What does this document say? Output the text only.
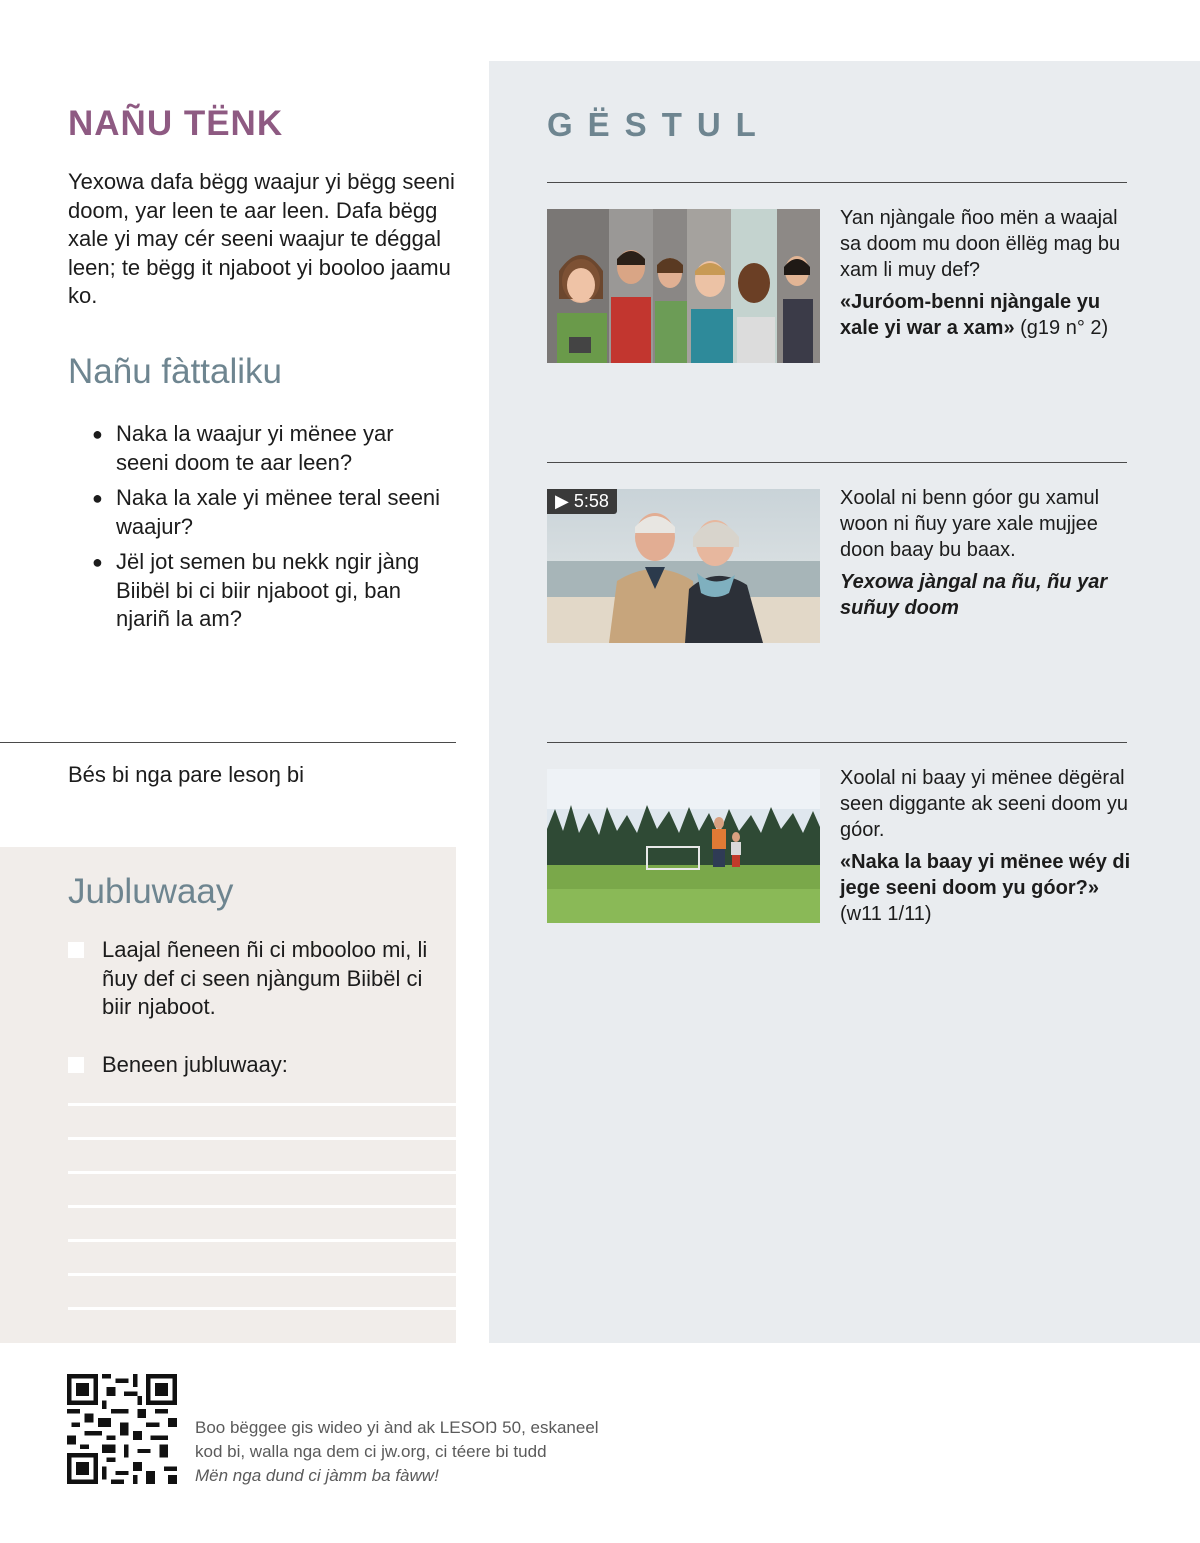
NAÑU TËNK

Yexowa dafa bëgg waajur yi bëgg seeni doom, yar leen te aar leen. Dafa bëgg xale yi may cér seeni waajur te déggal leen; te bëgg it njaboot yi booloo jaamu ko.

Nañu fàttaliku
● Naka la waajur yi mënee yar seeni doom te aar leen?
● Naka la xale yi mënee teral seeni waajur?
● Jël jot semen bu nekk ngir jàng Biibël bi ci biir njaboot gi, ban njariñ la am?
Bés bi nga pare lesoŋ bi
Jubluwaay
Laajal ñeneen ñi ci mbooloo mi, li ñuy def ci seen njàngum Biibël ci biir njaboot.
Beneen jubluwaay:
GËSTUL
Yan njàngale ñoo mën a waajal sa doom mu doon ëllëg mag bu xam li muy def?
«Juróom-benni njàngale yu xale yi war a xam» (g19 n° 2)
▶ 5:58	Xoolal ni benn góor gu xamul woon ni ñuy yare xale mujjee doon baay bu baax.
Yexowa jàngal na ñu, ñu yar suñuy doom
Xoolal ni baay yi mënee dëgëral seen diggante ak seeni doom yu góor.
«Naka la baay yi mënee wéy di jege seeni doom yu góor?»
(w11 1/11)
Boo bëggee gis wideo yi ànd ak LESOŊ 50, eskaneel
kod bi, walla nga dem ci jw.org, ci téere bi tudd
Mën nga dund ci jàmm ba fàww!
